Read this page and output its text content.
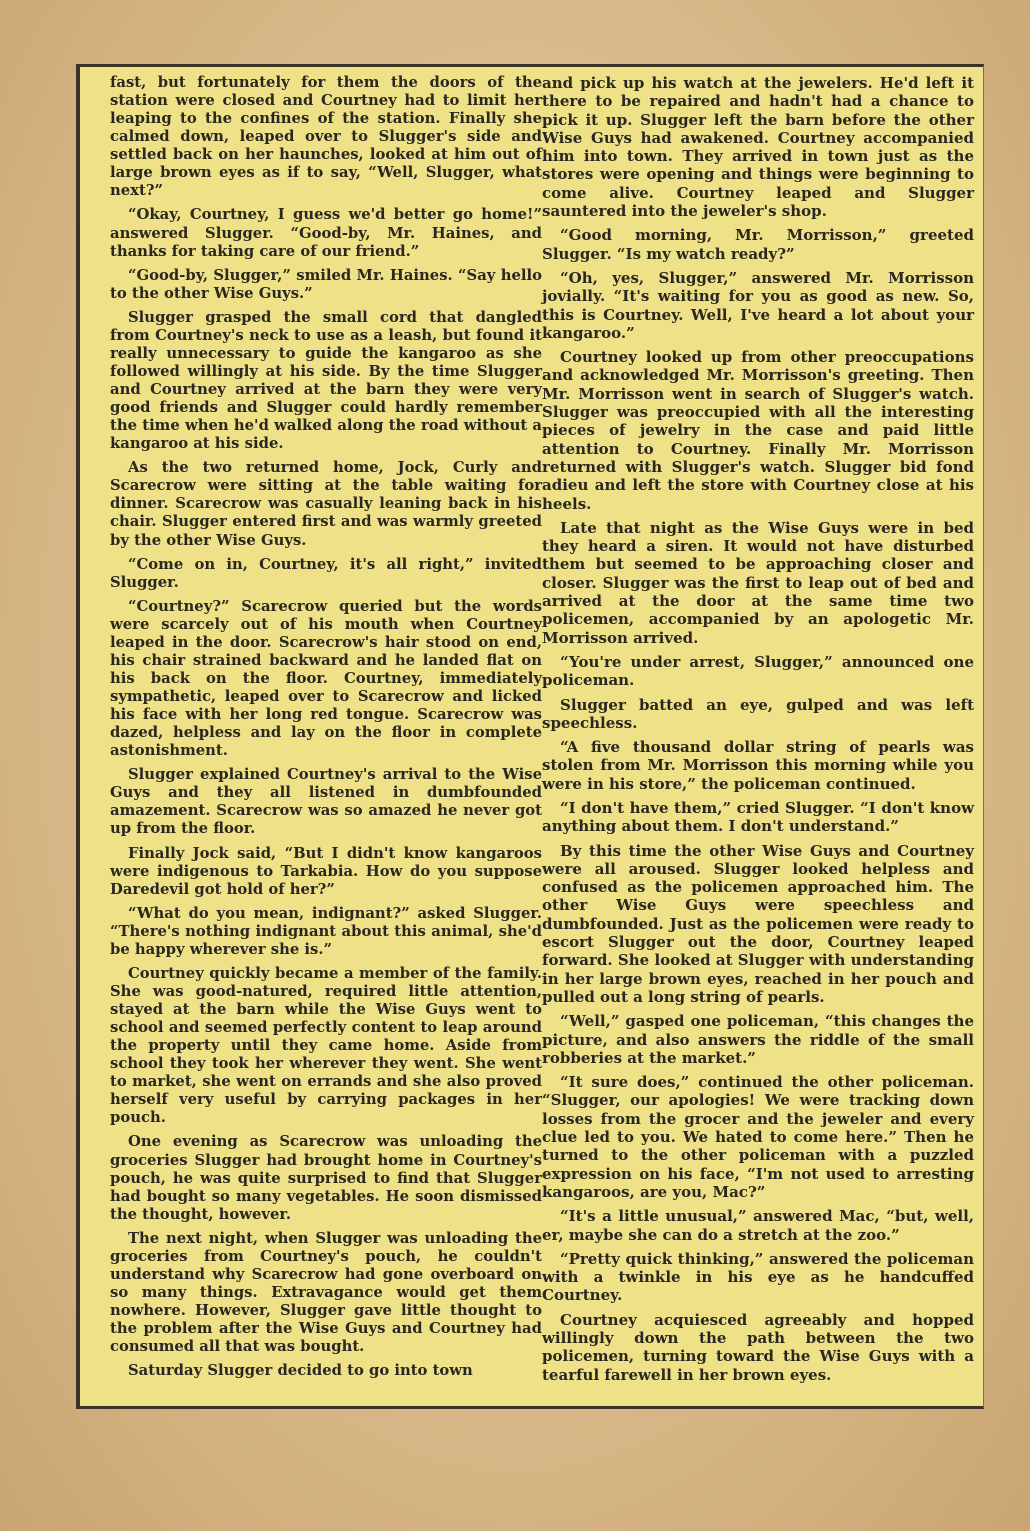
fast, but fortunately for them the doors of the station were closed and Courtney had to limit her leaping to the confines of the station. Finally she calmed down, leaped over to Slugger's side and settled back on her haunches, looked at him out of large brown eyes as if to say, “Well, Slugger, what next?”

“Okay, Courtney, I guess we'd better go home!” answered Slugger. “Good-by, Mr. Haines, and thanks for taking care of our friend.”

“Good-by, Slugger,” smiled Mr. Haines. “Say hello to the other Wise Guys.”

Slugger grasped the small cord that dangled from Courtney's neck to use as a leash, but found it really unnecessary to guide the kangaroo as she followed willingly at his side. By the time Slugger and Courtney arrived at the barn they were very good friends and Slugger could hardly remember the time when he'd walked along the road without a kangaroo at his side.

As the two returned home, Jock, Curly and Scarecrow were sitting at the table waiting for dinner. Scarecrow was casually leaning back in his chair. Slugger entered first and was warmly greeted by the other Wise Guys.

“Come on in, Courtney, it's all right,” invited Slugger.

“Courtney?” Scarecrow queried but the words were scarcely out of his mouth when Courtney leaped in the door. Scarecrow's hair stood on end, his chair strained backward and he landed flat on his back on the floor. Courtney, immediately sympathetic, leaped over to Scarecrow and licked his face with her long red tongue. Scarecrow was dazed, helpless and lay on the floor in complete astonishment.

Slugger explained Courtney's arrival to the Wise Guys and they all listened in dumbfounded amazement. Scarecrow was so amazed he never got up from the floor.

Finally Jock said, “But I didn't know kangaroos were indigenous to Tarkabia. How do you suppose Daredevil got hold of her?”

“What do you mean, indignant?” asked Slugger. “There's nothing indignant about this animal, she'd be happy wherever she is.”

Courtney quickly became a member of the family. She was good-natured, required little attention, stayed at the barn while the Wise Guys went to school and seemed perfectly content to leap around the property until they came home. Aside from school they took her wherever they went. She went to market, she went on errands and she also proved herself very useful by carrying packages in her pouch.

One evening as Scarecrow was unloading the groceries Slugger had brought home in Courtney's pouch, he was quite surprised to find that Slugger had bought so many vegetables. He soon dismissed the thought, however.

The next night, when Slugger was unloading the groceries from Courtney's pouch, he couldn't understand why Scarecrow had gone overboard on so many things. Extravagance would get them nowhere. However, Slugger gave little thought to the problem after the Wise Guys and Courtney had consumed all that was bought.

Saturday Slugger decided to go into town

and pick up his watch at the jewelers. He'd left it there to be repaired and hadn't had a chance to pick it up. Slugger left the barn before the other Wise Guys had awakened. Courtney accompanied him into town. They arrived in town just as the stores were opening and things were beginning to come alive. Courtney leaped and Slugger sauntered into the jeweler's shop.

“Good morning, Mr. Morrisson,” greeted Slugger. “Is my watch ready?”

“Oh, yes, Slugger,” answered Mr. Morrisson jovially. “It's waiting for you as good as new. So, this is Courtney. Well, I've heard a lot about your kangaroo.”

Courtney looked up from other preoccupations and acknowledged Mr. Morrisson's greeting. Then Mr. Morrisson went in search of Slugger's watch. Slugger was preoccupied with all the interesting pieces of jewelry in the case and paid little attention to Courtney. Finally Mr. Morrisson returned with Slugger's watch. Slugger bid fond adieu and left the store with Courtney close at his heels.

Late that night as the Wise Guys were in bed they heard a siren. It would not have disturbed them but seemed to be approaching closer and closer. Slugger was the first to leap out of bed and arrived at the door at the same time two policemen, accompanied by an apologetic Mr. Morrisson arrived.

“You're under arrest, Slugger,” announced one policeman.

Slugger batted an eye, gulped and was left speechless.

“A five thousand dollar string of pearls was stolen from Mr. Morrisson this morning while you were in his store,” the policeman continued.

“I don't have them,” cried Slugger. “I don't know anything about them. I don't understand.”

By this time the other Wise Guys and Courtney were all aroused. Slugger looked helpless and confused as the policemen approached him. The other Wise Guys were speechless and dumbfounded. Just as the policemen were ready to escort Slugger out the door, Courtney leaped forward. She looked at Slugger with understanding in her large brown eyes, reached in her pouch and pulled out a long string of pearls.

“Well,” gasped one policeman, “this changes the picture, and also answers the riddle of the small robberies at the market.”

“It sure does,” continued the other policeman. “Slugger, our apologies! We were tracking down losses from the grocer and the jeweler and every clue led to you. We hated to come here.” Then he turned to the other policeman with a puzzled expression on his face, “I'm not used to arresting kangaroos, are you, Mac?”

“It's a little unusual,” answered Mac, “but, well, er, maybe she can do a stretch at the zoo.”

“Pretty quick thinking,” answered the policeman with a twinkle in his eye as he handcuffed Courtney.

Courtney acquiesced agreeably and hopped willingly down the path between the two policemen, turning toward the Wise Guys with a tearful farewell in her brown eyes.
